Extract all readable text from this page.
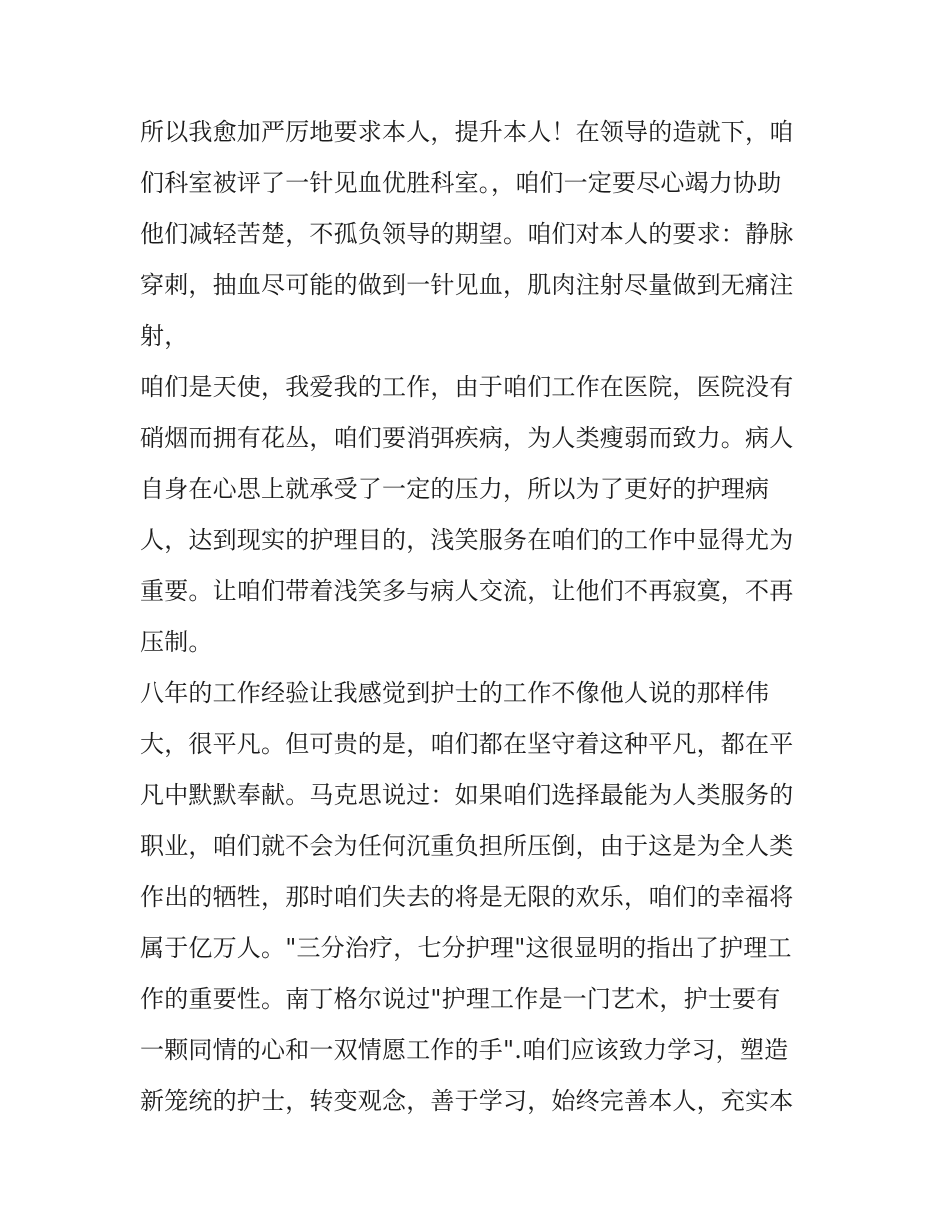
所以我愈加严厉地要求本人，提升本人！在领导的造就下，咱
们科室被评了一针见血优胜科室。，咱们一定要尽心竭力协助
他们减轻苦楚，不孤负领导的期望。咱们对本人的要求：静脉
穿刺，抽血尽可能的做到一针见血，肌肉注射尽量做到无痛注
射，
咱们是天使，我爱我的工作，由于咱们工作在医院，医院没有
硝烟而拥有花丛，咱们要消弭疾病，为人类瘦弱而致力。病人
自身在心思上就承受了一定的压力，所以为了更好的护理病
人，达到现实的护理目的，浅笑服务在咱们的工作中显得尤为
重要。让咱们带着浅笑多与病人交流，让他们不再寂寞，不再
压制。
八年的工作经验让我感觉到护士的工作不像他人说的那样伟
大，很平凡。但可贵的是，咱们都在坚守着这种平凡，都在平
凡中默默奉献。马克思说过：如果咱们选择最能为人类服务的
职业，咱们就不会为任何沉重负担所压倒，由于这是为全人类
作出的牺牲，那时咱们失去的将是无限的欢乐，咱们的幸福将
属于亿万人。"三分治疗，七分护理"这很显明的指出了护理工
作的重要性。南丁格尔说过"护理工作是一门艺术，护士要有
一颗同情的心和一双情愿工作的手".咱们应该致力学习，塑造
新笼统的护士，转变观念，善于学习，始终完善本人，充实本
